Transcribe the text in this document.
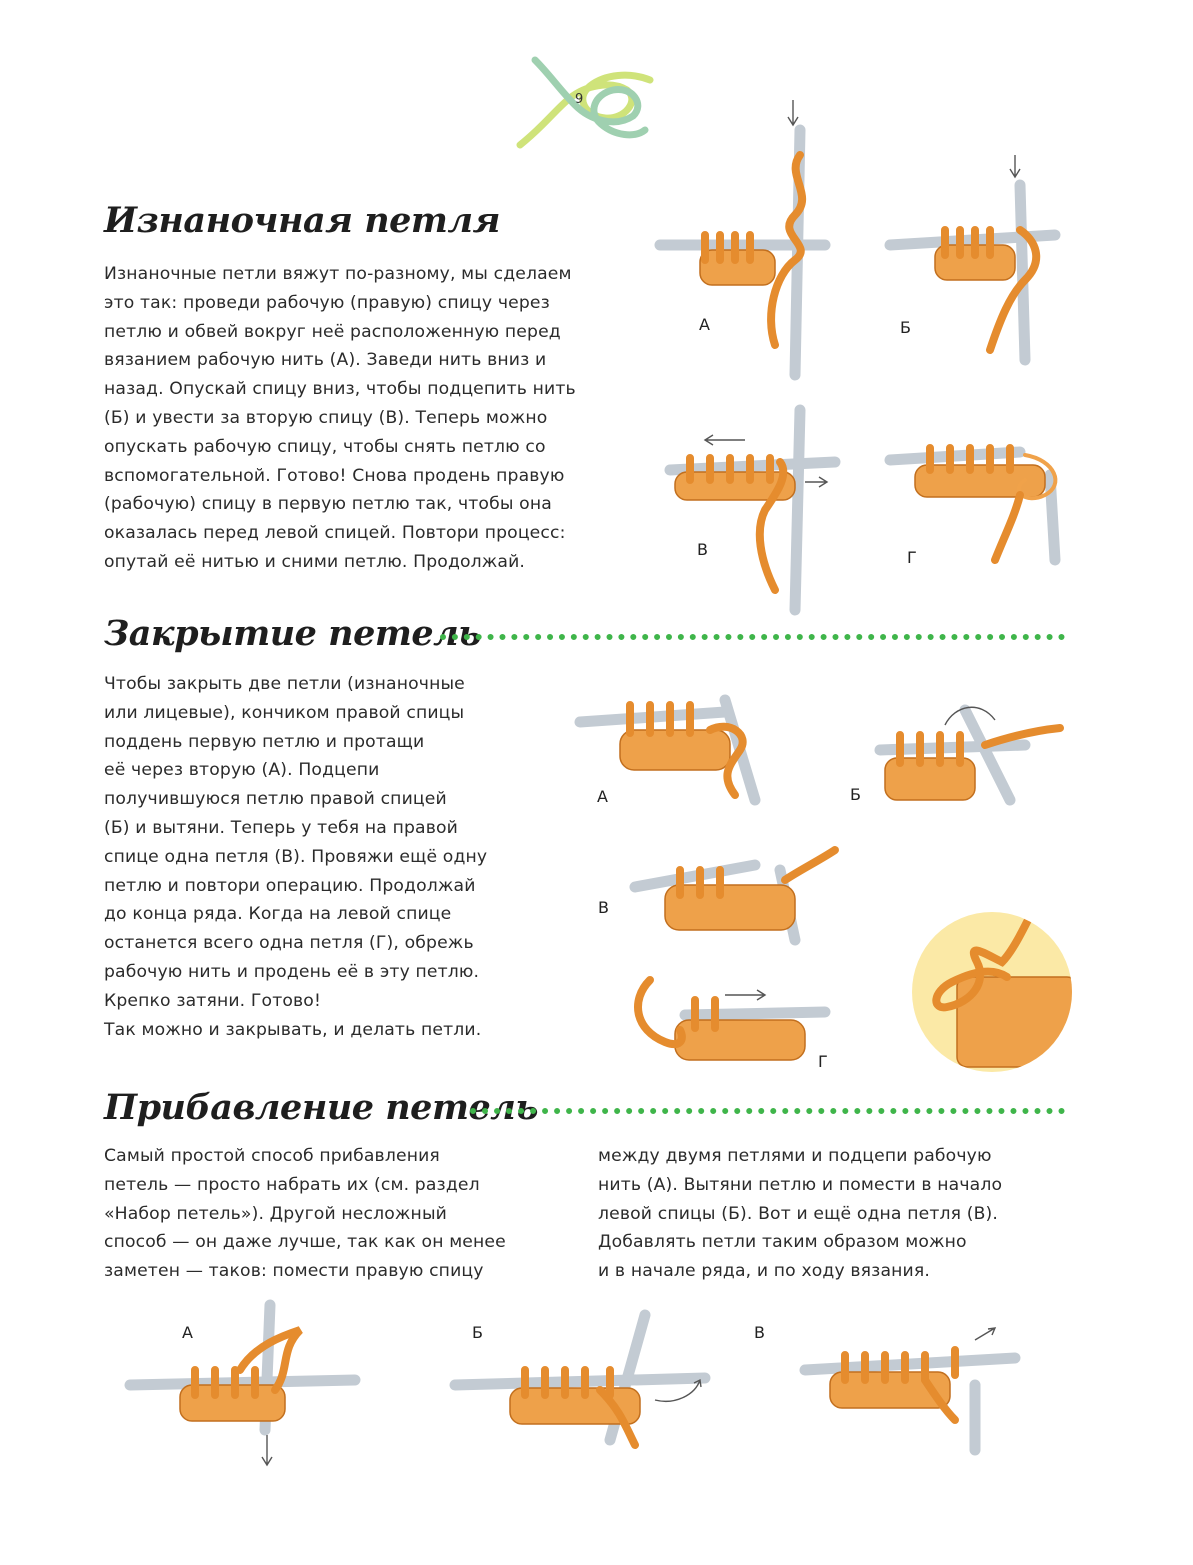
9
Изнаночная петля

Изнаночные петли вяжут по-разному, мы сделаем
это так: проведи рабочую (правую) спицу через
петлю и обвей вокруг неё расположенную перед
вязанием рабочую нить (А). Заведи нить вниз и
назад. Опускай спицу вниз, чтобы подцепить нить
(Б) и увести за вторую спицу (В). Теперь можно
опускать рабочую спицу, чтобы снять петлю со
вспомогательной. Готово! Снова продень правую
(рабочую) спицу в первую петлю так, чтобы она
оказалась перед левой спицей. Повтори процесс:
опутай её нитью и сними петлю. Продолжай.

А	Б
В	Г
Закрытие петель

Чтобы закрыть две петли (изнаночные
или лицевые), кончиком правой спицы
поддень первую петлю и протащи
её через вторую (А). Подцепи
получившуюся петлю правой спицей
(Б) и вытяни. Теперь у тебя на правой
спице одна петля (В). Провяжи ещё одну
петлю и повтори операцию. Продолжай
до конца ряда. Когда на левой спице
останется всего одна петля (Г), обрежь
рабочую нить и продень её в эту петлю.
Крепко затяни. Готово!
Так можно и закрывать, и делать петли.

А	Б
В
Г
Прибавление петель

Самый простой способ прибавления
петель — просто набрать их (см. раздел
«Набор петель»). Другой несложный
способ — он даже лучше, так как он менее
заметен — таков: помести правую спицу

между двумя петлями и подцепи рабочую
нить (А). Вытяни петлю и помести в начало
левой спицы (Б). Вот и ещё одна петля (В).
Добавлять петли таким образом можно
и в начале ряда, и по ходу вязания.

А	Б	В
